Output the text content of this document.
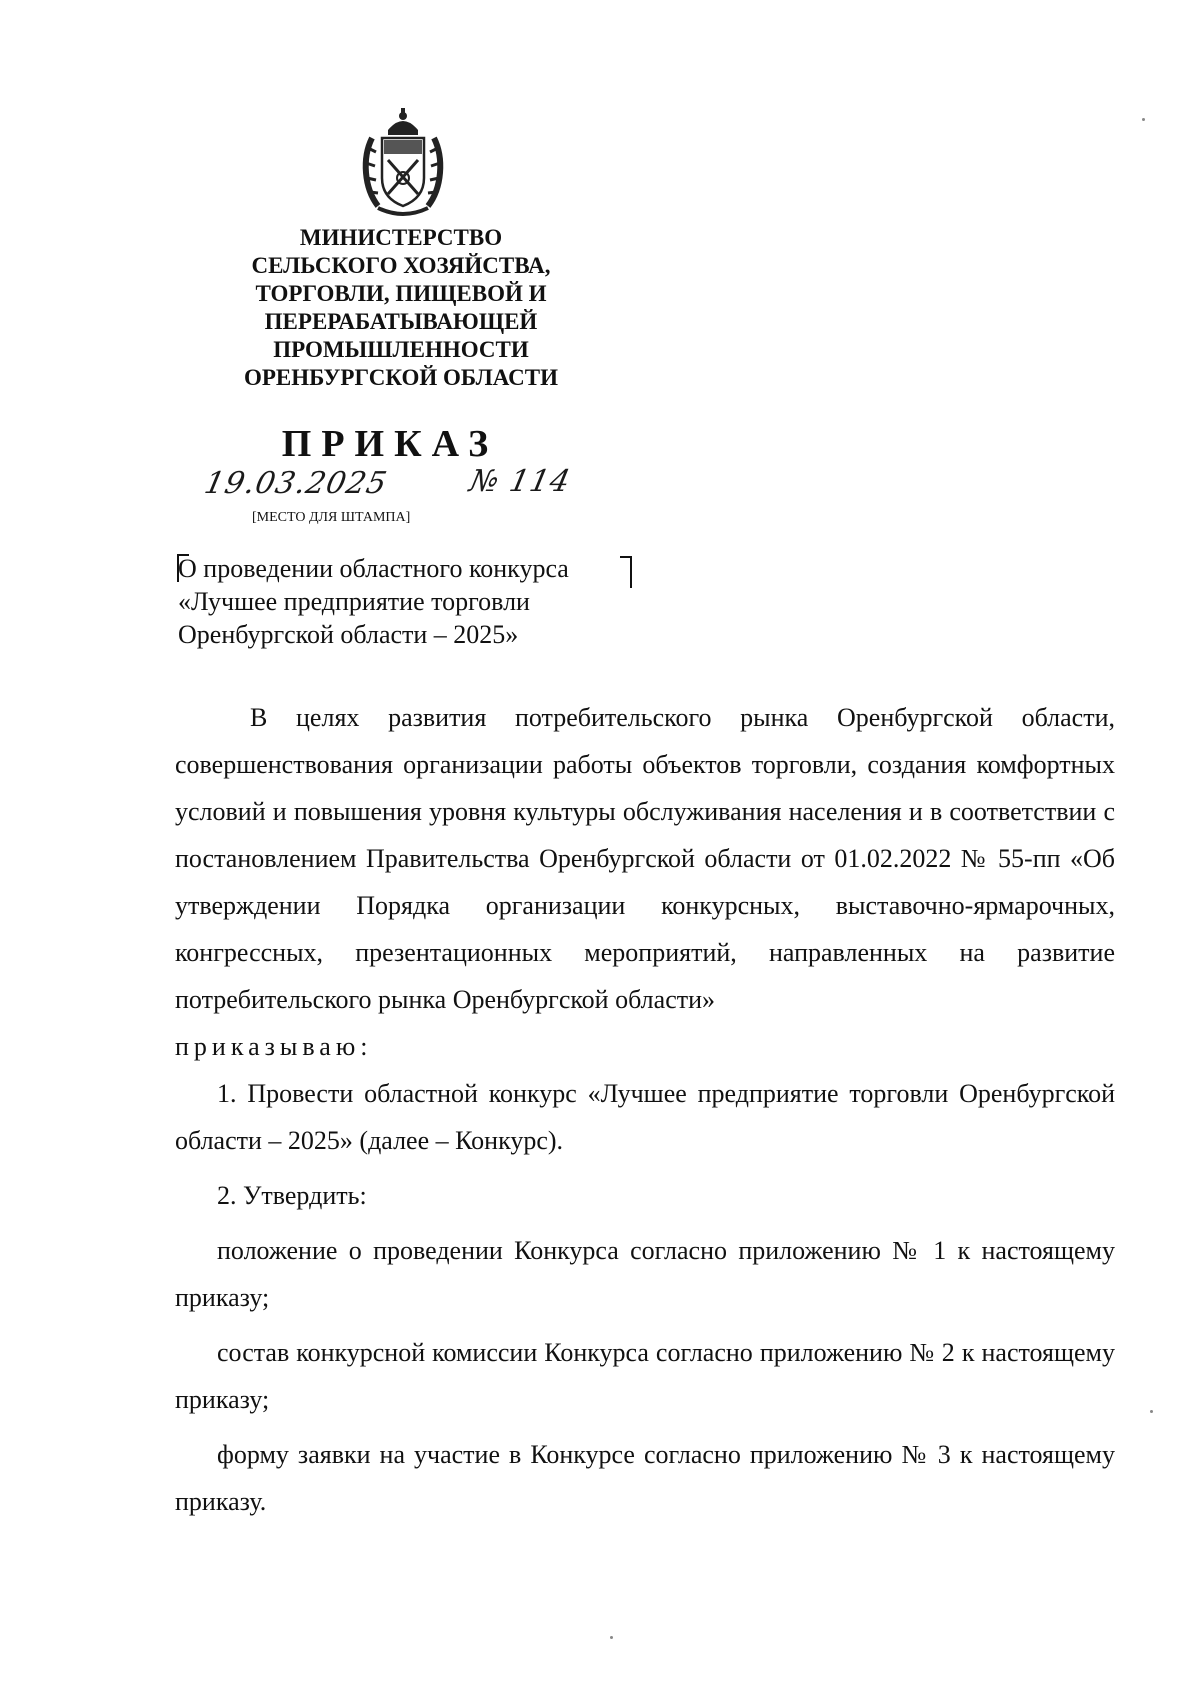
МИНИСТЕРСТВО
СЕЛЬСКОГО ХОЗЯЙСТВА,
ТОРГОВЛИ, ПИЩЕВОЙ И
ПЕРЕРАБАТЫВАЮЩЕЙ
ПРОМЫШЛЕННОСТИ
ОРЕНБУРГСКОЙ ОБЛАСТИ
ПРИКАЗ
19.03.2025	№ 114
[МЕСТО ДЛЯ ШТАМПА]
О проведении областного конкурса
«Лучшее предприятие торговли
Оренбургской области – 2025»

В целях развития потребительского рынка Оренбургской области, совершенствования организации работы объектов торговли, создания комфортных условий и повышения уровня культуры обслуживания населения и в соответствии с постановлением Правительства Оренбургской области от 01.02.2022 № 55-пп «Об утверждении Порядка организации конкурсных, выставочно-ярмарочных, конгрессных, презентационных мероприятий, направленных на развитие потребительского рынка Оренбургской области»

приказываю:

1. Провести областной конкурс «Лучшее предприятие торговли Оренбургской области – 2025» (далее – Конкурс).

2. Утвердить:

положение о проведении Конкурса согласно приложению № 1 к настоящему приказу;

состав конкурсной комиссии Конкурса согласно приложению № 2 к настоящему приказу;

форму заявки на участие в Конкурсе согласно приложению № 3 к настоящему приказу.
